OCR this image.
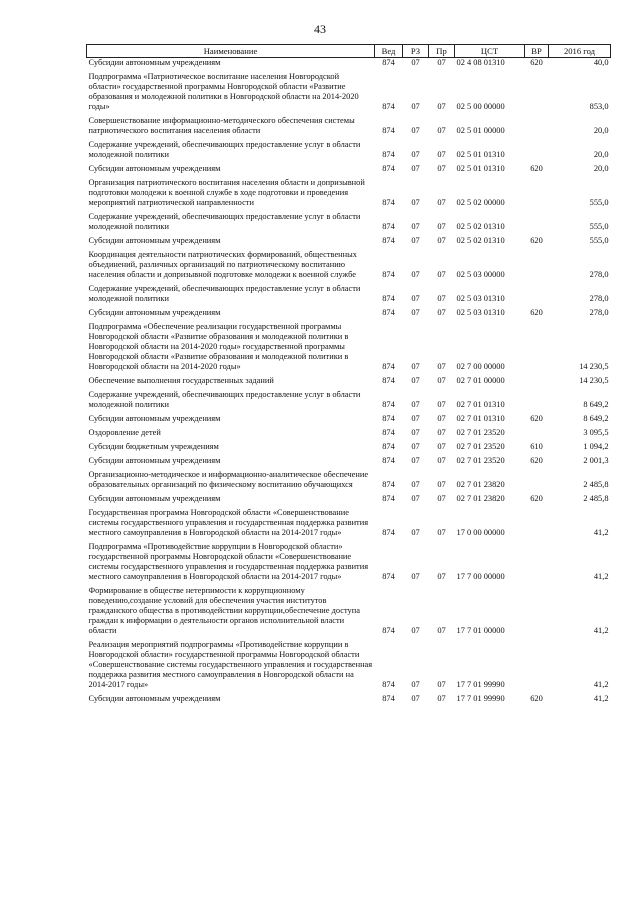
43
Наименование	Вед	РЗ	Пр	ЦСТ	ВР	2016 год
Субсидии автономным учреждениям	874	07	07	02 4 08 01310	620	40,0
Подпрограмма «Патриотическое воспитание населения Новгородской области» государственной программы Новгородской области «Развитие образования и молодежной политики в Новгородской области на 2014-2020 годы»	874	07	07	02 5 00 00000		853,0
Совершенствование информационно-методического обеспечения системы патриотического воспитания населения области	874	07	07	02 5 01 00000		20,0
Содержание учреждений, обеспечивающих предоставление услуг в области молодежной политики	874	07	07	02 5 01 01310		20,0
Субсидии автономным учреждениям	874	07	07	02 5 01 01310	620	20,0
Организация патриотического воспитания населения области и допризывной подготовки молодежи к военной службе в ходе подготовки и проведения мероприятий патриотической направленности	874	07	07	02 5 02 00000		555,0
Содержание учреждений, обеспечивающих предоставление услуг в области молодежной политики	874	07	07	02 5 02 01310		555,0
Субсидии автономным учреждениям	874	07	07	02 5 02 01310	620	555,0
Координация деятельности патриотических формирований, общественных объединений, различных организаций по патриотическому воспитанию населения области и допризывной подготовке молодежи к военной службе	874	07	07	02 5 03 00000		278,0
Содержание учреждений, обеспечивающих предоставление услуг в области молодежной политики	874	07	07	02 5 03 01310		278,0
Субсидии автономным учреждениям	874	07	07	02 5 03 01310	620	278,0
Подпрограмма «Обеспечение реализации государственной программы Новгородской области «Развитие образования и молодежной политики в Новгородской области на 2014-2020 годы» государственной программы Новгородской области «Развитие образования и молодежной политики в Новгородской области на 2014-2020 годы»	874	07	07	02 7 00 00000		14 230,5
Обеспечение выполнения государственных заданий	874	07	07	02 7 01 00000		14 230,5
Содержание учреждений, обеспечивающих предоставление услуг в области молодежной политики	874	07	07	02 7 01 01310		8 649,2
Субсидии автономным учреждениям	874	07	07	02 7 01 01310	620	8 649,2
Оздоровление детей	874	07	07	02 7 01 23520		3 095,5
Субсидии бюджетным учреждениям	874	07	07	02 7 01 23520	610	1 094,2
Субсидии автономным учреждениям	874	07	07	02 7 01 23520	620	2 001,3
Организационно-методическое и информационно-аналитическое обеспечение образовательных организаций по физическому воспитанию обучающихся	874	07	07	02 7 01 23820		2 485,8
Субсидии автономным учреждениям	874	07	07	02 7 01 23820	620	2 485,8
Государственная программа Новгородской области «Совершенствование системы государственного управления и государственная поддержка развития местного самоуправления в Новгородской области на 2014-2017 годы»	874	07	07	17 0 00 00000		41,2
Подпрограмма «Противодействие коррупции в Новгородской области» государственной программы Новгородской области «Совершенствование системы государственного управления и государственная поддержка развития местного самоуправления в Новгородской области на 2014-2017 годы»	874	07	07	17 7 00 00000		41,2
Формирование в обществе нетерпимости к коррупционному поведению,создание условий для обеспечения участия институтов гражданского общества в противодействии коррупции,обеспечение доступа граждан к информации о деятельности органов исполнительной власти области	874	07	07	17 7 01 00000		41,2
Реализация мероприятий подпрограммы «Противодействие коррупции в Новгородской области» государственной программы Новгородской области «Совершенствование системы государственного управления и государственная поддержка развития местного самоуправления в Новгородской области на 2014-2017 годы»	874	07	07	17 7 01 99990		41,2
Субсидии автономным учреждениям	874	07	07	17 7 01 99990	620	41,2
